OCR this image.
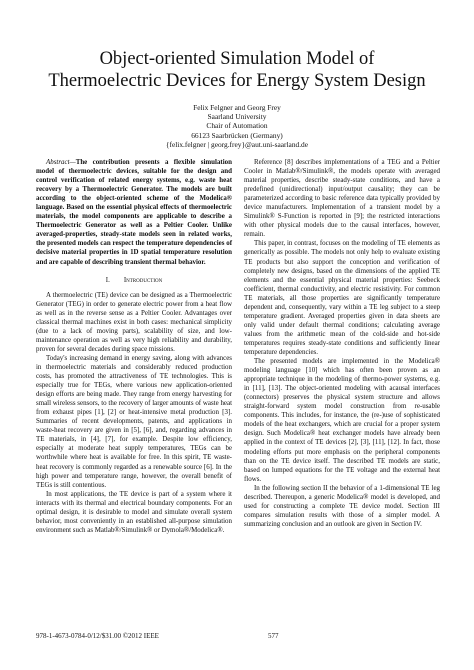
Object-oriented Simulation Model of
Thermoelectric Devices for Energy System Design
Felix Felgner and Georg Frey
Saarland University
Chair of Automation
66123 Saarbrücken (Germany)
{felix.felgner | georg.frey}@aut.uni-saarland.de

Abstract—The contribution presents a flexible simulation model of thermoelectric devices, suitable for the design and control verification of related energy systems, e.g. waste heat recovery by a Thermoelectric Generator. The models are built according to the object-oriented scheme of the Modelica® language. Based on the essential physical effects of thermoelectric materials, the model components are applicable to describe a Thermoelectric Generator as well as a Peltier Cooler. Unlike averaged-properties, steady-state models seen in related works, the presented models can respect the temperature dependencies of decisive material properties in 1D spatial temperature resolution and are capable of describing transient thermal behavior.

I. Introduction

A thermoelectric (TE) device can be designed as a Thermoelectric Generator (TEG) in order to generate electric power from a heat flow as well as in the reverse sense as a Peltier Cooler. Advantages over classical thermal machines exist in both cases: mechanical simplicity (due to a lack of moving parts), scalability of size, and low-maintenance operation as well as very high reliability and durability, proven for several decades during space missions.

Today's increasing demand in energy saving, along with advances in thermoelectric materials and considerably reduced production costs, has promoted the attractiveness of TE technologies. This is especially true for TEGs, where various new application-oriented design efforts are being made. They range from energy harvesting for small wireless sensors, to the recovery of larger amounts of waste heat from exhaust pipes [1], [2] or heat-intensive metal production [3]. Summaries of recent developments, patents, and applications in waste-heat recovery are given in [5], [6], and, regarding advances in TE materials, in [4], [7], for example. Despite low efficiency, especially at moderate heat supply temperatures, TEGs can be worthwhile where heat is available for free. In this spirit, TE waste-heat recovery is commonly regarded as a renewable source [6]. In the high power and temperature range, however, the overall benefit of TEGs is still contentious.

In most applications, the TE device is part of a system where it interacts with its thermal and electrical boundary components. For an optimal design, it is desirable to model and simulate overall system behavior, most conveniently in an established all-purpose simulation environment such as Matlab®/Simulink® or Dymola®/Modelica®.

Reference [8] describes implementations of a TEG and a Peltier Cooler in Matlab®/Simulink®, the models operate with averaged material properties, describe steady-state conditions, and have a predefined (unidirectional) input/output causality; they can be parameterized according to basic reference data typically provided by device manufacturers. Implementation of a transient model by a Simulink® S-Function is reported in [9]; the restricted interactions with other physical models due to the causal interfaces, however, remain.

This paper, in contrast, focuses on the modeling of TE elements as generically as possible. The models not only help to evaluate existing TE products but also support the conception and verification of completely new designs, based on the dimensions of the applied TE elements and the essential physical material properties: Seebeck coefficient, thermal conductivity, and electric resistivity. For common TE materials, all those properties are significantly temperature dependent and, consequently, vary within a TE leg subject to a steep temperature gradient. Averaged properties given in data sheets are only valid under default thermal conditions; calculating average values from the arithmetic mean of the cold-side and hot-side temperatures requires steady-state conditions and sufficiently linear temperature dependencies.

The presented models are implemented in the Modelica® modeling language [10] which has often been proven as an appropriate technique in the modeling of thermo-power systems, e.g. in [11], [13]. The object-oriented modeling with acausal interfaces (connectors) preserves the physical system structure and allows straight-forward system model construction from re-usable components. This includes, for instance, the (re-)use of sophisticated models of the heat exchangers, which are crucial for a proper system design. Such Modelica® heat exchanger models have already been applied in the context of TE devices [2], [3], [11], [12]. In fact, those modeling efforts put more emphasis on the peripheral components than on the TE device itself. The described TE models are static, based on lumped equations for the TE voltage and the external heat flows.

In the following section II the behavior of a 1-dimensional TE leg described. Thereupon, a generic Modelica® model is developed, and used for constructing a complete TE device model. Section III compares simulation results with those of a simpler model. A summarizing conclusion and an outlook are given in Section IV.

978-1-4673-0784-0/12/$31.00 ©2012 IEEE	577
